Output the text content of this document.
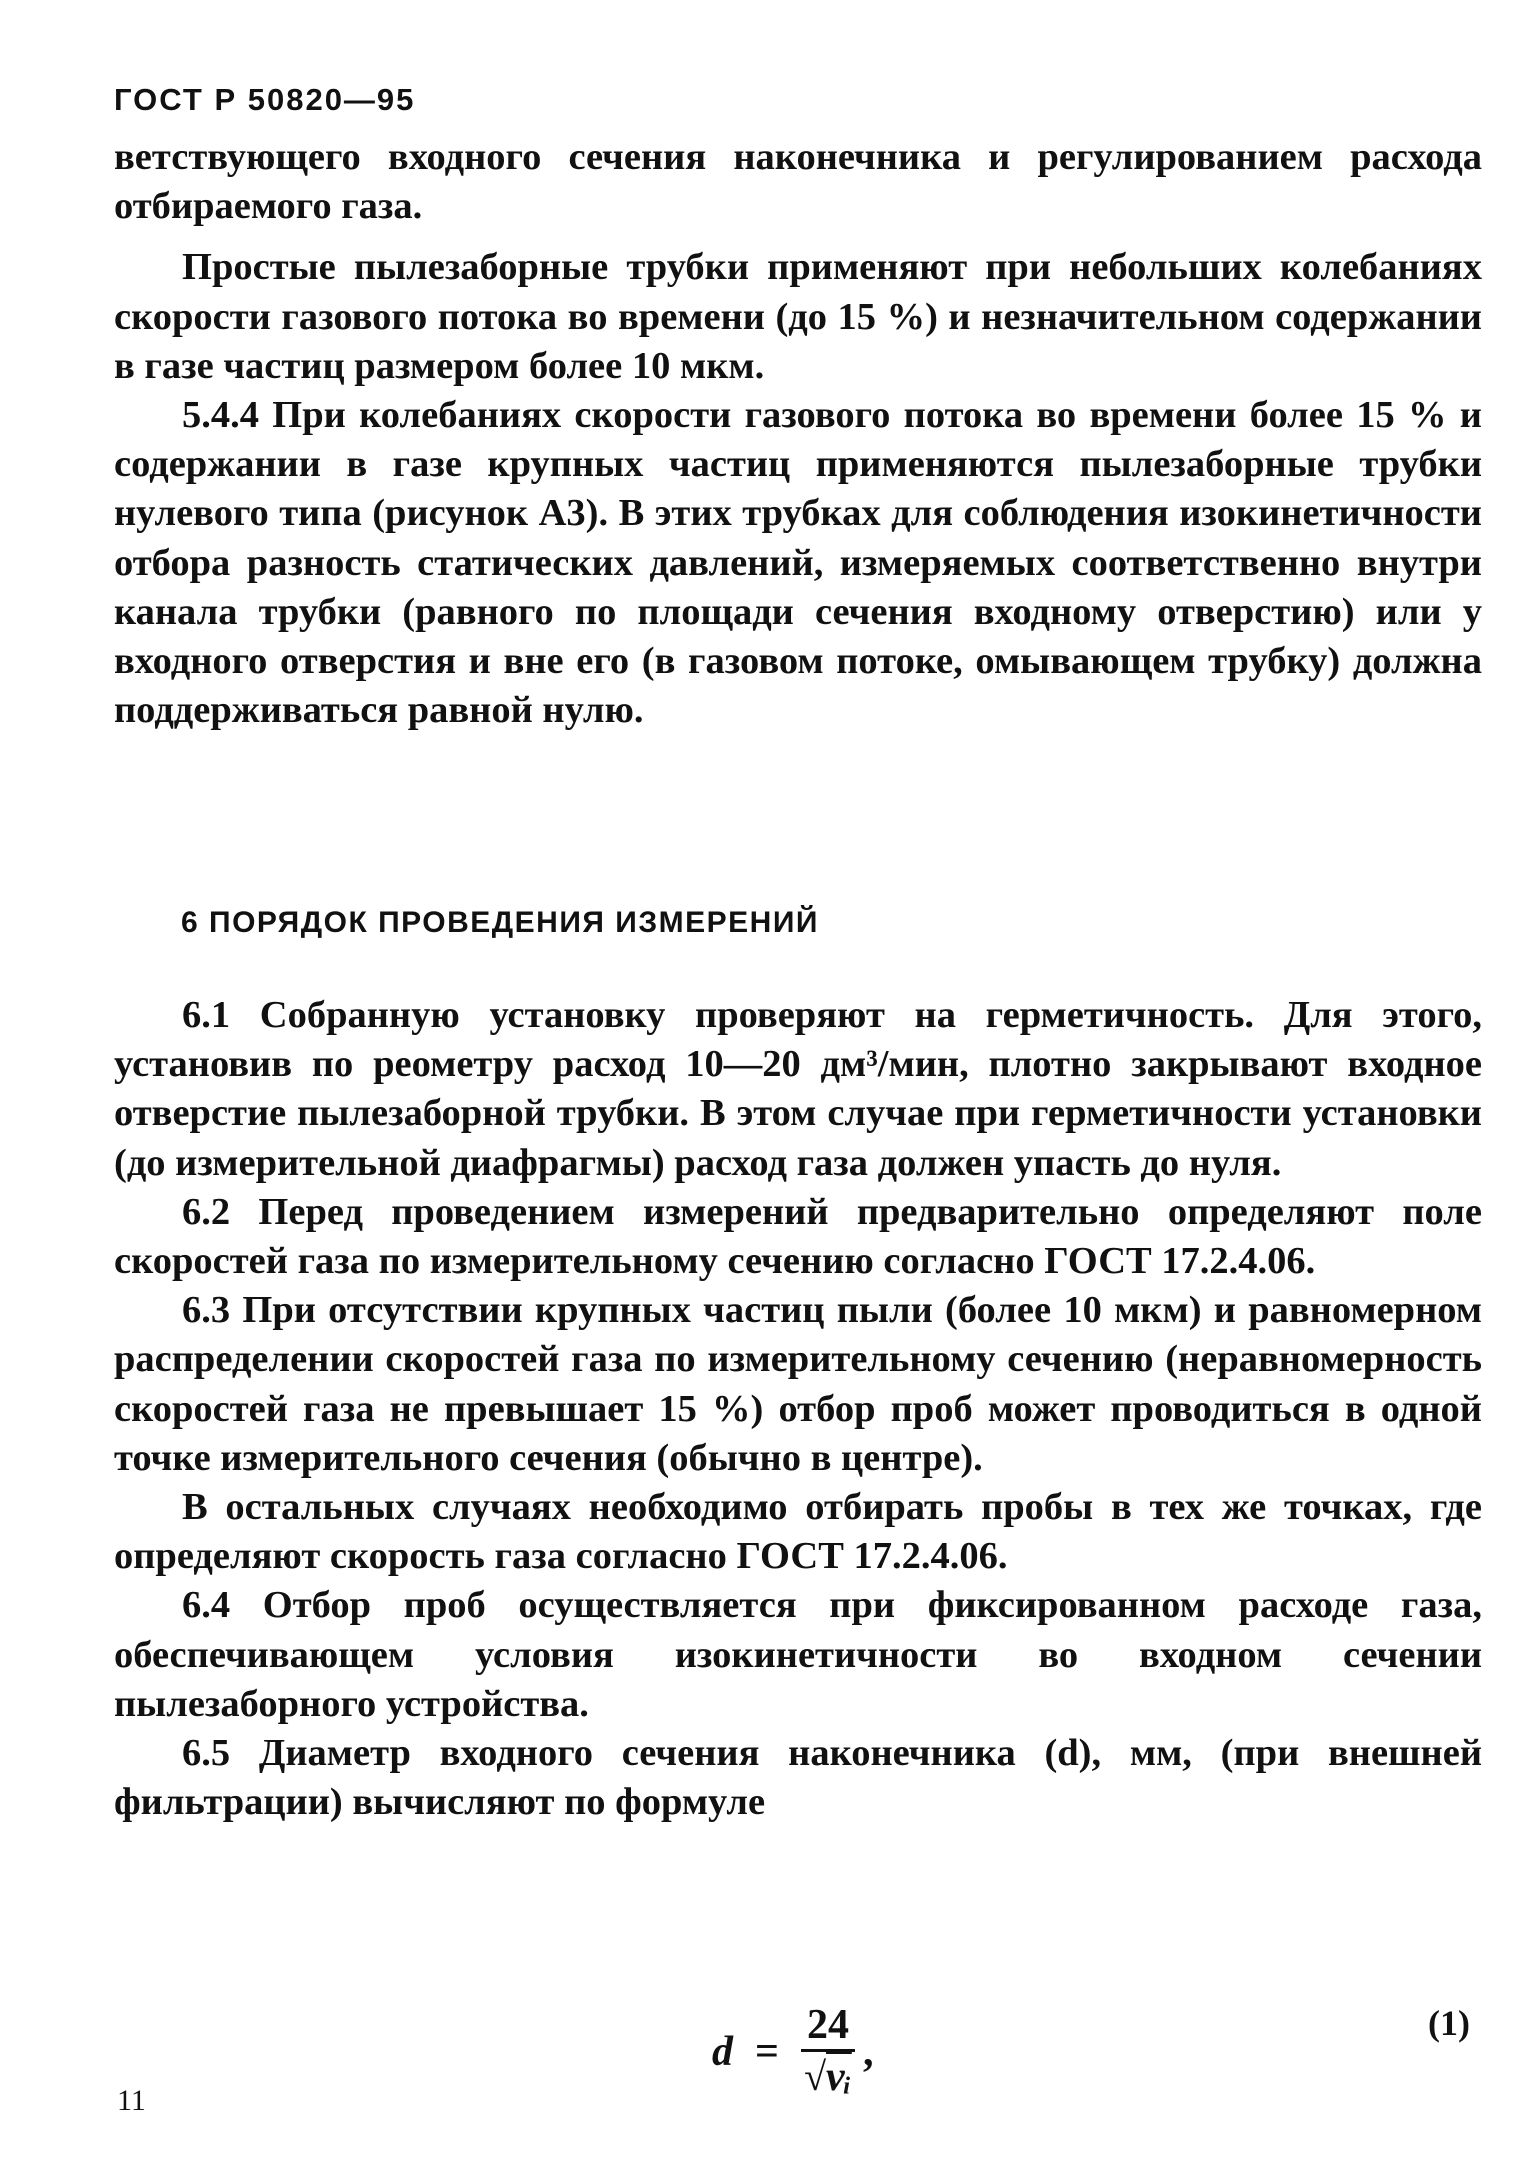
ГОСТ Р 50820—95

ветствующего входного сечения наконечника и регулированием расхода отбираемого газа.

Простые пылезаборные трубки применяют при небольших колебаниях скорости газового потока во времени (до 15 %) и незначительном содержании в газе частиц размером более 10 мкм.

5.4.4 При колебаниях скорости газового потока во времени более 15 % и содержании в газе крупных частиц применяются пылезаборные трубки нулевого типа (рисунок А3). В этих трубках для соблюдения изокинетичности отбора разность статических давлений, измеряемых соответственно внутри канала трубки (равного по площади сечения входному отверстию) или у входного отверстия и вне его (в газовом потоке, омывающем трубку) должна поддерживаться равной нулю.

6 ПОРЯДОК ПРОВЕДЕНИЯ ИЗМЕРЕНИЙ

6.1 Собранную установку проверяют на герметичность. Для этого, установив по реометру расход 10—20 дм³/мин, плотно закрывают входное отверстие пылезаборной трубки. В этом случае при герметичности установки (до измерительной диафрагмы) расход газа должен упасть до нуля.

6.2 Перед проведением измерений предварительно определяют поле скоростей газа по измерительному сечению согласно ГОСТ 17.2.4.06.

6.3 При отсутствии крупных частиц пыли (более 10 мкм) и равномерном распределении скоростей газа по измерительному сечению (неравномерность скоростей газа не превышает 15 %) отбор проб может проводиться в одной точке измерительного сечения (обычно в центре).

В остальных случаях необходимо отбирать пробы в тех же точках, где определяют скорость газа согласно ГОСТ 17.2.4.06.

6.4 Отбор проб осуществляется при фиксированном расходе газа, обеспечивающем условия изокинетичности во входном сечении пылезаборного устройства.

6.5 Диаметр входного сечения наконечника (d), мм, (при внешней фильтрации) вычисляют по формуле

$d = \frac{24}{\text{√vᵢ}}$ ,
(1)
11
